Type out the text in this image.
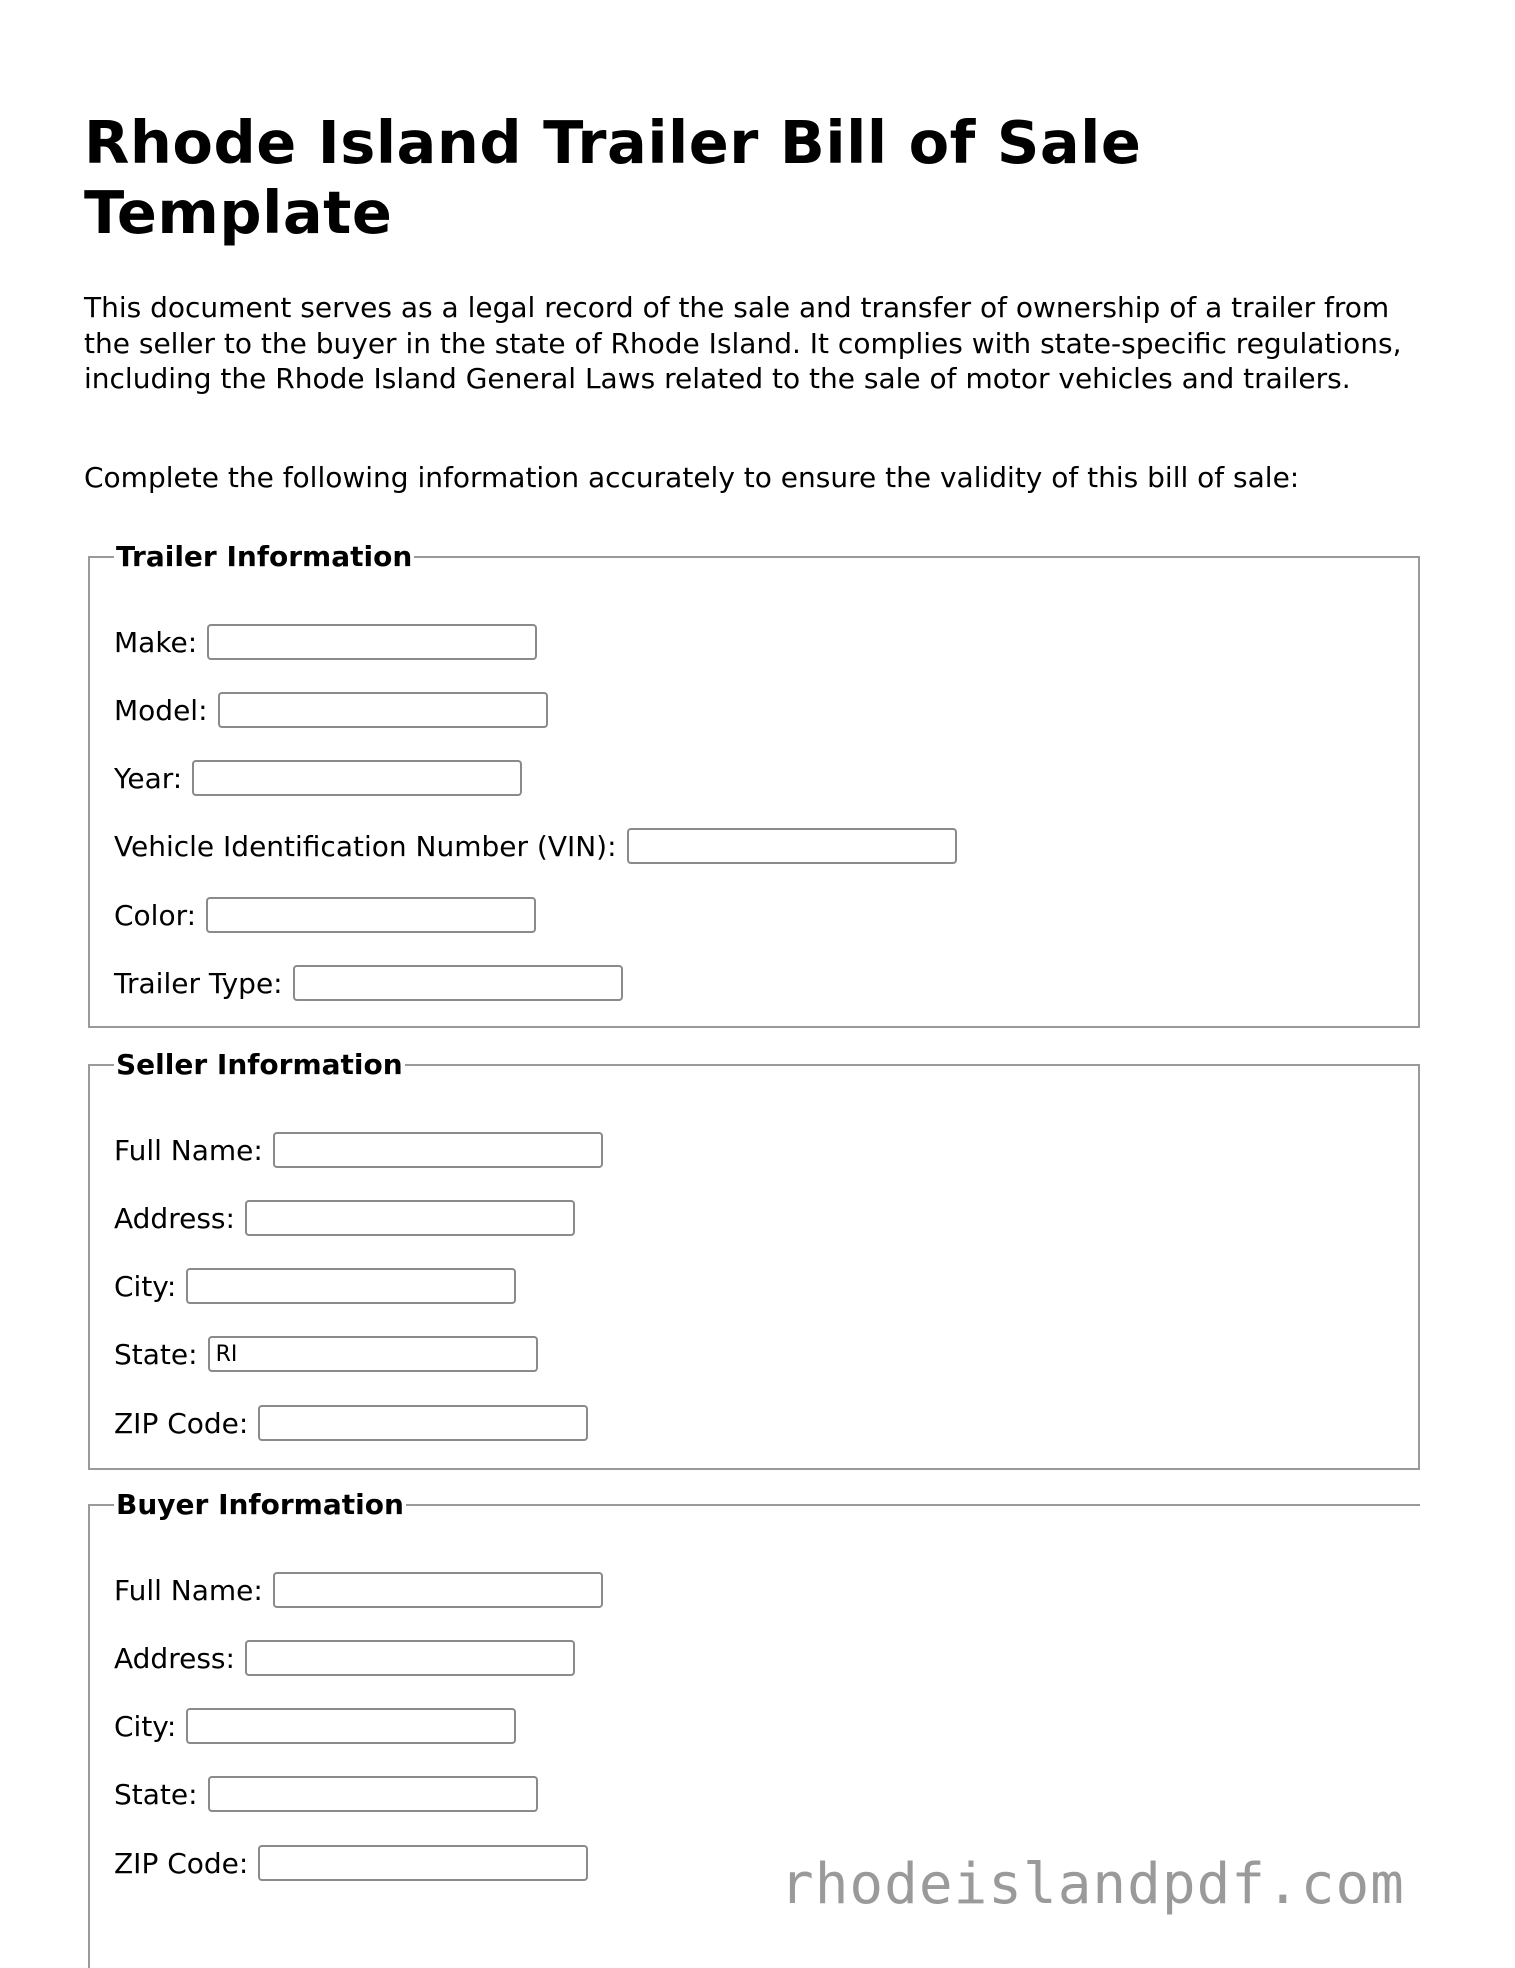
Rhode Island Trailer Bill of Sale Template

This document serves as a legal record of the sale and transfer of ownership of a trailer from the seller to the buyer in the state of Rhode Island. It complies with state-specific regulations, including the Rhode Island General Laws related to the sale of motor vehicles and trailers.

Complete the following information accurately to ensure the validity of this bill of sale:

Trailer Information
Make:
Model:
Year:
Vehicle Identification Number (VIN):
Color:
Trailer Type:
Seller Information
Full Name:
Address:
City:
State:
RI
ZIP Code:
Buyer Information
Full Name:
Address:
City:
State:
ZIP Code:	rhodeislandpdf.com
